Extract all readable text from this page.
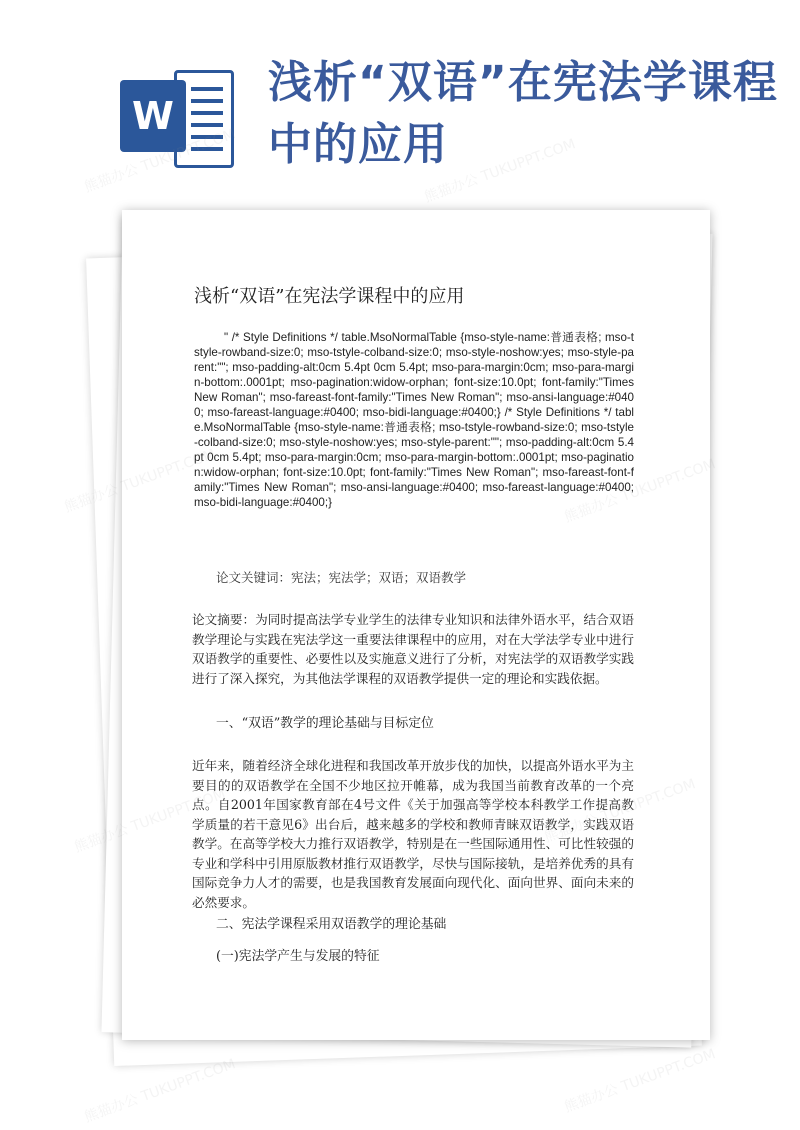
W
浅析“双语”在宪法学课程中的应用
浅析“双语”在宪法学课程中的应用
" /* Style Definitions */ table.MsoNormalTable {mso-style-name:普通表格; mso-tstyle-rowband-size:0; mso-tstyle-colband-size:0; mso-style-noshow:yes; mso-style-parent:""; mso-padding-alt:0cm 5.4pt 0cm 5.4pt; mso-para-margin:0cm; mso-para-margin-bottom:.0001pt; mso-pagination:widow-orphan; font-size:10.0pt; font-family:"Times New Roman"; mso-fareast-font-family:"Times New Roman"; mso-ansi-language:#0400; mso-fareast-language:#0400; mso-bidi-language:#0400;} /* Style Definitions */ table.MsoNormalTable {mso-style-name:普通表格; mso-tstyle-rowband-size:0; mso-tstyle-colband-size:0; mso-style-noshow:yes; mso-style-parent:""; mso-padding-alt:0cm 5.4pt 0cm 5.4pt; mso-para-margin:0cm; mso-para-margin-bottom:.0001pt; mso-pagination:widow-orphan; font-size:10.0pt; font-family:"Times New Roman"; mso-fareast-font-family:"Times New Roman"; mso-ansi-language:#0400; mso-fareast-language:#0400; mso-bidi-language:#0400;}
论文关键词：宪法；宪法学；双语；双语教学
论文摘要：为同时提高法学专业学生的法律专业知识和法律外语水平，结合双语教学理论与实践在宪法学这一重要法律课程中的应用，对在大学法学专业中进行双语教学的重要性、必要性以及实施意义进行了分析，对宪法学的双语教学实践进行了深入探究，为其他法学课程的双语教学提供一定的理论和实践依据。
一、“双语”教学的理论基础与目标定位
近年来，随着经济全球化进程和我国改革开放步伐的加快，以提高外语水平为主要目的的双语教学在全国不少地区拉开帷幕，成为我国当前教育改革的一个亮点。自2001年国家教育部在4号文件《关于加强高等学校本科教学工作提高教学质量的若干意见6》出台后，越来越多的学校和教师青睐双语教学，实践双语教学。在高等学校大力推行双语教学，特别是在一些国际通用性、可比性较强的专业和学科中引用原版教材推行双语教学，尽快与国际接轨，是培养优秀的具有国际竞争力人才的需要，也是我国教育发展面向现代化、面向世界、面向未来的必然要求。
二、宪法学课程采用双语教学的理论基础
(一)宪法学产生与发展的特征
熊猫办公 TUKUPPT.COM	熊猫办公 TUKUPPT.COM
熊猫办公
熊猫办公
熊猫办公 TUKUPPT.COM	熊猫办公 TUKUPPT.COM
